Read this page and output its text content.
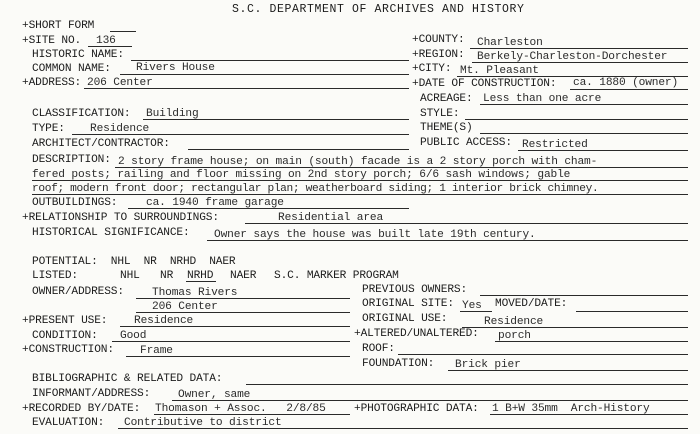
S.C. DEPARTMENT OF ARCHIVES AND HISTORY
+SHORT FORM
+SITE NO. 136
HISTORIC NAME:
COMMON NAME: Rivers House
+ADDRESS: 206 Center
+COUNTY: Charleston
+REGION: Berkely-Charleston-Dorchester
+CITY: Mt. Pleasant
+DATE OF CONSTRUCTION: ca. 1880 (owner)
ACREAGE: Less than one acre
CLASSIFICATION: Building	STYLE:
TYPE: Residence	THEME(S)
ARCHITECT/CONTRACTOR:	PUBLIC ACCESS: Restricted
DESCRIPTION: 2 story frame house; on main (south) facade is a 2 story porch with cham-
fered posts; railing and floor missing on 2nd story porch; 6/6 sash windows; gable
roof; modern front door; rectangular plan; weatherboard siding; 1 interior brick chimney.
OUTBUILDINGS:	ca. 1940 frame garage
+RELATIONSHIP TO SURROUNDINGS:	Residential area
HISTORICAL SIGNIFICANCE: Owner says the house was built late 19th century.
POTENTIAL:  NHL  NR  NRHD  NAER
LISTED:	NHL NR NRHD NAER S.C. MARKER PROGRAM
OWNER/ADDRESS:	Thomas Rivers
206 Center
PREVIOUS OWNERS:
ORIGINAL SITE: Yes MOVED/DATE:
+PRESENT USE: Residence	ORIGINAL USE:	Residence
CONDITION: Good	+ALTERED/UNALTERED: porch
+CONSTRUCTION: Frame	ROOF:
FOUNDATION: Brick pier
BIBLIOGRAPHIC & RELATED DATA:
INFORMANT/ADDRESS: Owner, same
+RECORDED BY/DATE: Thomason + Assoc.   2/8/85	+PHOTOGRAPHIC DATA: 1 B+W 35mm  Arch-History
EVALUATION: Contributive to district
